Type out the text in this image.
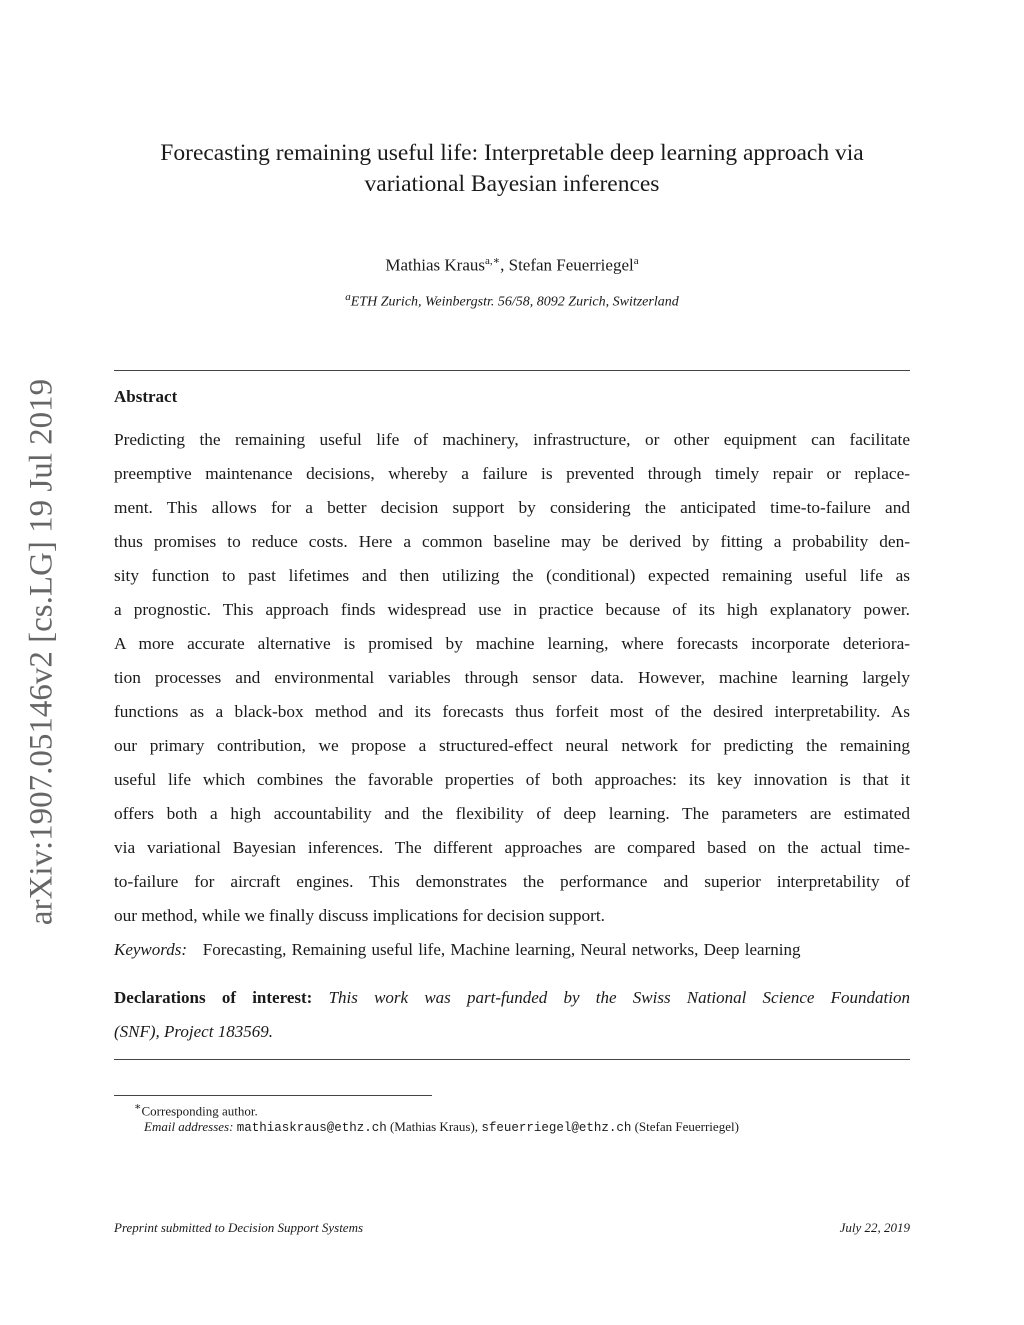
arXiv:1907.05146v2 [cs.LG] 19 Jul 2019
Forecasting remaining useful life: Interpretable deep learning approach via
variational Bayesian inferences
Mathias Kraus$^{a,∗}$, Stefan Feuerriegel$^a$
$^a$ETH Zurich, Weinbergstr. 56/58, 8092 Zurich, Switzerland
Abstract
Predicting the remaining useful life of machinery, infrastructure, or other equipment can facilitate
preemptive maintenance decisions, whereby a failure is prevented through timely repair or replace-
ment. This allows for a better decision support by considering the anticipated time-to-failure and
thus promises to reduce costs. Here a common baseline may be derived by fitting a probability den-
sity function to past lifetimes and then utilizing the (conditional) expected remaining useful life as
a prognostic. This approach finds widespread use in practice because of its high explanatory power.
A more accurate alternative is promised by machine learning, where forecasts incorporate deteriora-
tion processes and environmental variables through sensor data. However, machine learning largely
functions as a black-box method and its forecasts thus forfeit most of the desired interpretability. As
our primary contribution, we propose a structured-effect neural network for predicting the remaining
useful life which combines the favorable properties of both approaches: its key innovation is that it
offers both a high accountability and the flexibility of deep learning. The parameters are estimated
via variational Bayesian inferences. The different approaches are compared based on the actual time-
to-failure for aircraft engines. This demonstrates the performance and superior interpretability of
our method, while we finally discuss implications for decision support.
Keywords: Forecasting, Remaining useful life, Machine learning, Neural networks, Deep learning
Declarations of interest: This work was part-funded by the Swiss National Science Foundation
(SNF), Project 183569.
∗Corresponding author.
Email addresses: mathiaskraus@ethz.ch (Mathias Kraus), sfeuerriegel@ethz.ch (Stefan Feuerriegel)
Preprint submitted to Decision Support Systems	July 22, 2019
